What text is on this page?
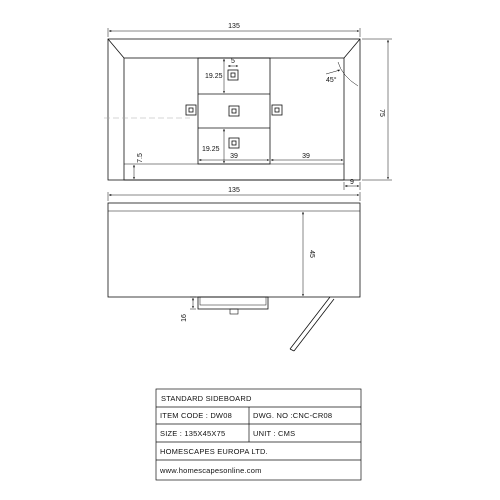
135
75
5
19.25
19.25
39	39
7.5
45°
9
135
45
16
STANDARD SIDEBOARD
ITEM CODE : DW08	DWG. NO :CNC-CR08
SIZE : 135X45X75	UNIT : CMS
HOMESCAPES EUROPA LTD.
www.homescapesonline.com
